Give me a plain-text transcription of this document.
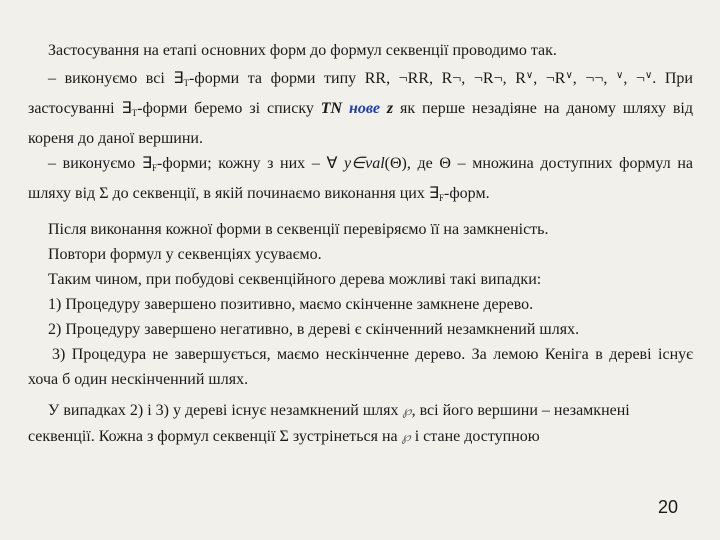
Застосування на етапі основних форм до формул секвенції проводимо так.

– виконуємо всі $\exists_T$-форми та форми типу RR, ¬RR, R¬, ¬R¬, R∨, ¬R∨, ¬¬, ∨, ¬∨. При застосуванні $\exists_T$-форми беремо зі списку TN нове z як перше незадіяне на даному шляху від кореня до даної вершини.

– виконуємо $\exists_F$-форми; кожну з них – ∀ y∈val(Θ), де Θ – множина доступних формул на шляху від Σ до секвенції, в якій починаємо виконання цих $\exists_F$-форм.

Після виконання кожної форми в секвенції перевіряємо її на замкненість.

Повтори формул у секвенціях усуваємо.

Таким чином, при побудові секвенційного дерева можливі такі випадки:

1) Процедуру завершено позитивно, маємо скінченне замкнене дерево.

2) Процедуру завершено негативно, в дереві є скінченний незамкнений шлях.

3) Процедура не завершується, маємо нескінченне дерево. За лемою Кеніга в дереві існує хоча б один нескінченний шлях.

У випадках 2) і 3) у дереві існує незамкнений шлях ℘, всі його вершини – незамкнені секвенції. Кожна з формул секвенції Σ зустрінеться на ℘ і стане доступною

20
